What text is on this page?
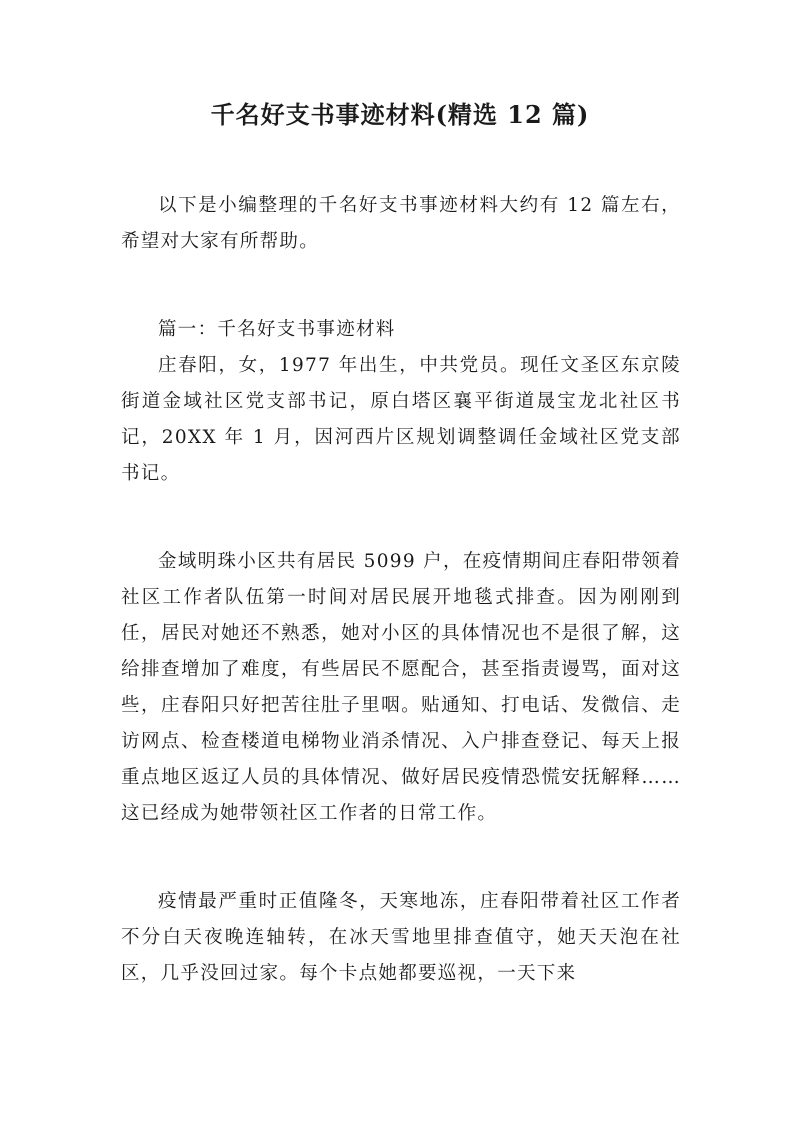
千名好支书事迹材料(精选 12 篇)

以下是小编整理的千名好支书事迹材料大约有 12 篇左右，希望对大家有所帮助。

篇一：千名好支书事迹材料

庄春阳，女，1977 年出生，中共党员。现任文圣区东京陵街道金域社区党支部书记，原白塔区襄平街道晟宝龙北社区书记，20XX 年 1 月，因河西片区规划调整调任金域社区党支部书记。

金域明珠小区共有居民 5099 户，在疫情期间庄春阳带领着社区工作者队伍第一时间对居民展开地毯式排查。因为刚刚到任，居民对她还不熟悉，她对小区的具体情况也不是很了解，这给排查增加了难度，有些居民不愿配合，甚至指责谩骂，面对这些，庄春阳只好把苦往肚子里咽。贴通知、打电话、发微信、走访网点、检查楼道电梯物业消杀情况、入户排查登记、每天上报重点地区返辽人员的具体情况、做好居民疫情恐慌安抚解释……这已经成为她带领社区工作者的日常工作。

疫情最严重时正值隆冬，天寒地冻，庄春阳带着社区工作者不分白天夜晚连轴转，在冰天雪地里排查值守，她天天泡在社区，几乎没回过家。每个卡点她都要巡视，一天下来
